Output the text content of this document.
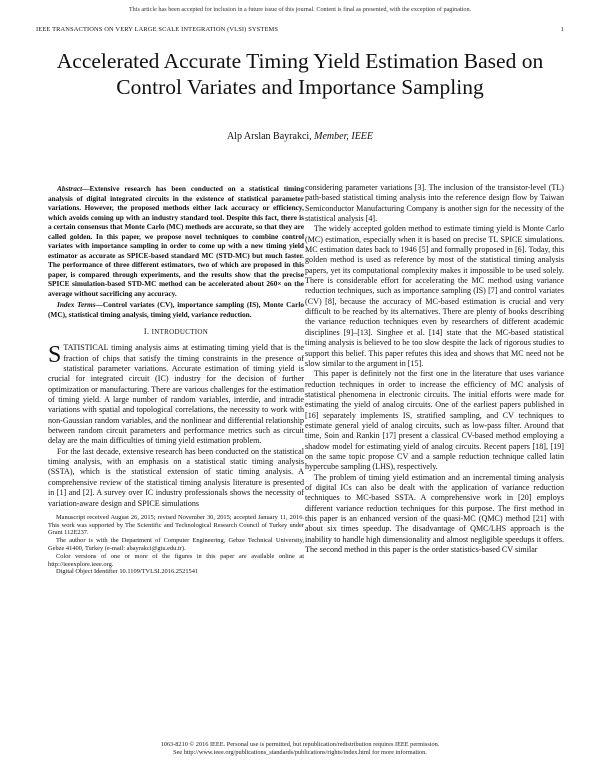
This article has been accepted for inclusion in a future issue of this journal. Content is final as presented, with the exception of pagination.
IEEE TRANSACTIONS ON VERY LARGE SCALE INTEGRATION (VLSI) SYSTEMS	1
Accelerated Accurate Timing Yield Estimation Based on Control Variates and Importance Sampling
Alp Arslan Bayrakci, Member, IEEE

Abstract—Extensive research has been conducted on a statistical timing analysis of digital integrated circuits in the existence of statistical parameter variations. However, the proposed methods either lack accuracy or efficiency, which avoids coming up with an industry standard tool. Despite this fact, there is a certain consensus that Monte Carlo (MC) methods are accurate, so that they are called golden. In this paper, we propose novel techniques to combine control variates with importance sampling in order to come up with a new timing yield estimator as accurate as SPICE-based standard MC (STD-MC) but much faster. The performance of three different estimators, two of which are proposed in this paper, is compared through experiments, and the results show that the precise SPICE simulation-based STD-MC method can be accelerated about 260× on the average without sacrificing any accuracy.

Index Terms—Control variates (CV), importance sampling (IS), Monte Carlo (MC), statistical timing analysis, timing yield, variance reduction.

I. INTRODUCTION

STATISTICAL timing analysis aims at estimating timing yield that is the fraction of chips that satisfy the timing constraints in the presence of statistical parameter variations. Accurate estimation of timing yield is crucial for integrated circuit (IC) industry for the decision of further optimization or manufacturing. There are various challenges for the estimation of timing yield. A large number of random variables, interdie, and intradie variations with spatial and topological correlations, the necessity to work with non-Gaussian random variables, and the nonlinear and differential relationship between random circuit parameters and performance metrics such as circuit delay are the main difficulties of timing yield estimation problem.

For the last decade, extensive research has been conducted on the statistical timing analysis, with an emphasis on a statistical static timing analysis (SSTA), which is the statistical extension of static timing analysis. A comprehensive review of the statistical timing analysis literature is presented in [1] and [2]. A survey over IC industry professionals shows the necessity of variation-aware design and SPICE simulations

Manuscript received August 26, 2015; revised November 30, 2015; accepted January 11, 2016. This work was supported by The Scientific and Technological Research Council of Turkey under Grant 112E237.

The author is with the Department of Computer Engineering, Gebze Technical University, Gebze 41400, Turkey (e-mail: abayrakci@gtu.edu.tr).

Color versions of one or more of the figures in this paper are available online at http://ieeexplore.ieee.org.

Digital Object Identifier 10.1109/TVLSI.2016.2521541

considering parameter variations [3]. The inclusion of the transistor-level (TL) path-based statistical timing analysis into the reference design flow by Taiwan Semiconductor Manufacturing Company is another sign for the necessity of the statistical analysis [4].

The widely accepted golden method to estimate timing yield is Monte Carlo (MC) estimation, especially when it is based on precise TL SPICE simulations. MC estimation dates back to 1946 [5] and formally proposed in [6]. Today, this golden method is used as reference by most of the statistical timing analysis papers, yet its computational complexity makes it impossible to be used solely. There is considerable effort for accelerating the MC method using variance reduction techniques, such as importance sampling (IS) [7] and control variates (CV) [8], because the accuracy of MC-based estimation is crucial and very difficult to be reached by its alternatives. There are plenty of books describing the variance reduction techniques even by researchers of different academic disciplines [9]–[13]. Singhee et al. [14] state that the MC-based statistical timing analysis is believed to be too slow despite the lack of rigorous studies to support this belief. This paper refutes this idea and shows that MC need not be slow similar to the argument in [15].

This paper is definitely not the first one in the literature that uses variance reduction techniques in order to increase the efficiency of MC analysis of statistical phenomena in electronic circuits. The initial efforts were made for estimating the yield of analog circuits. One of the earliest papers published in [16] separately implements IS, stratified sampling, and CV techniques to estimate general yield of analog circuits, such as low-pass filter. Around that time, Soin and Rankin [17] present a classical CV-based method employing a shadow model for estimating yield of analog circuits. Recent papers [18], [19] on the same topic propose CV and a sample reduction technique called latin hypercube sampling (LHS), respectively.

The problem of timing yield estimation and an incremental timing analysis of digital ICs can also be dealt with the application of variance reduction techniques to MC-based SSTA. A comprehensive work in [20] employs different variance reduction techniques for this purpose. The first method in this paper is an enhanced version of the quasi-MC (QMC) method [21] with about six times speedup. The disadvantage of QMC/LHS approach is the inability to handle high dimensionality and almost negligible speedups it offers. The second method in this paper is the order statistics-based CV similar

1063-8210 © 2016 IEEE. Personal use is permitted, but republication/redistribution requires IEEE permission.
See http://www.ieee.org/publications_standards/publications/rights/index.html for more information.
